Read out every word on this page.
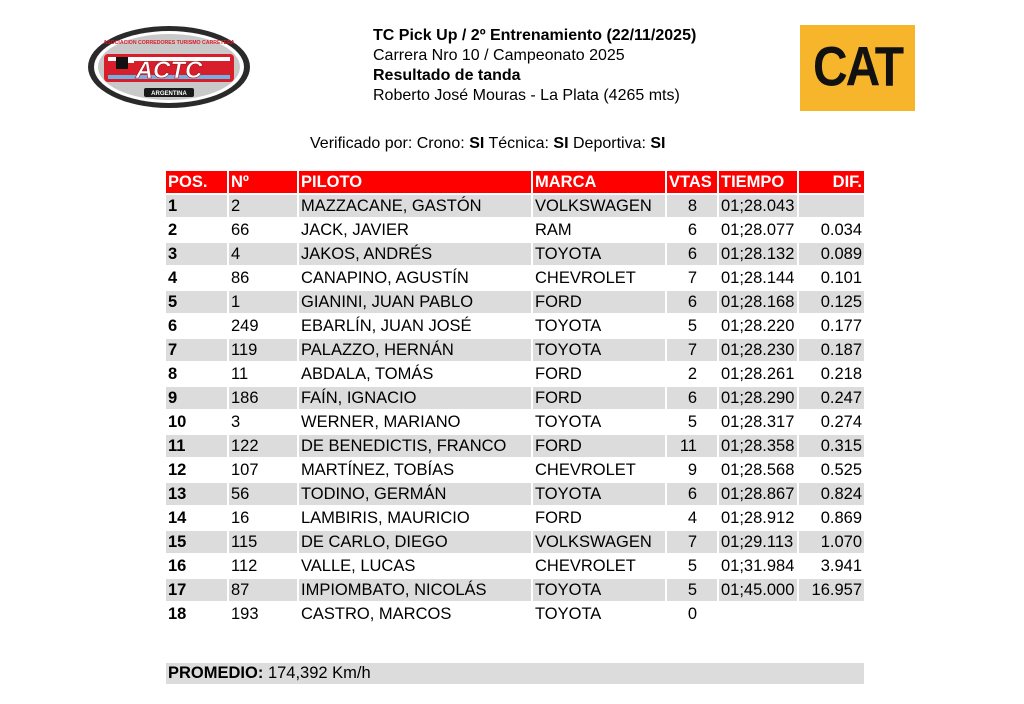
ACTC
ASOCIACION CORREDORES TURISMO CARRETERA
ARGENTINA
TC Pick Up / 2º Entrenamiento (22/11/2025)
Carrera Nro 10 / Campeonato 2025
Resultado de tanda
Roberto José Mouras - La Plata (4265 mts)	CAT
Verificado por: Crono: SI Técnica: SI Deportiva: SI
POS.	Nº	PILOTO	MARCA	VTAS	TIEMPO	DIF.
1	2	MAZZACANE, GASTÓN	VOLKSWAGEN	8	01;28.043	
2	66	JACK, JAVIER	RAM	6	01;28.077	0.034
3	4	JAKOS, ANDRÉS	TOYOTA	6	01;28.132	0.089
4	86	CANAPINO, AGUSTÍN	CHEVROLET	7	01;28.144	0.101
5	1	GIANINI, JUAN PABLO	FORD	6	01;28.168	0.125
6	249	EBARLÍN, JUAN JOSÉ	TOYOTA	5	01;28.220	0.177
7	119	PALAZZO, HERNÁN	TOYOTA	7	01;28.230	0.187
8	11	ABDALA, TOMÁS	FORD	2	01;28.261	0.218
9	186	FAÍN, IGNACIO	FORD	6	01;28.290	0.247
10	3	WERNER, MARIANO	TOYOTA	5	01;28.317	0.274
11	122	DE BENEDICTIS, FRANCO	FORD	11	01;28.358	0.315
12	107	MARTÍNEZ, TOBÍAS	CHEVROLET	9	01;28.568	0.525
13	56	TODINO, GERMÁN	TOYOTA	6	01;28.867	0.824
14	16	LAMBIRIS, MAURICIO	FORD	4	01;28.912	0.869
15	115	DE CARLO, DIEGO	VOLKSWAGEN	7	01;29.113	1.070
16	112	VALLE, LUCAS	CHEVROLET	5	01;31.984	3.941
17	87	IMPIOMBATO, NICOLÁS	TOYOTA	5	01;45.000	16.957
18	193	CASTRO, MARCOS	TOYOTA	0		
PROMEDIO: 174,392 Km/h
